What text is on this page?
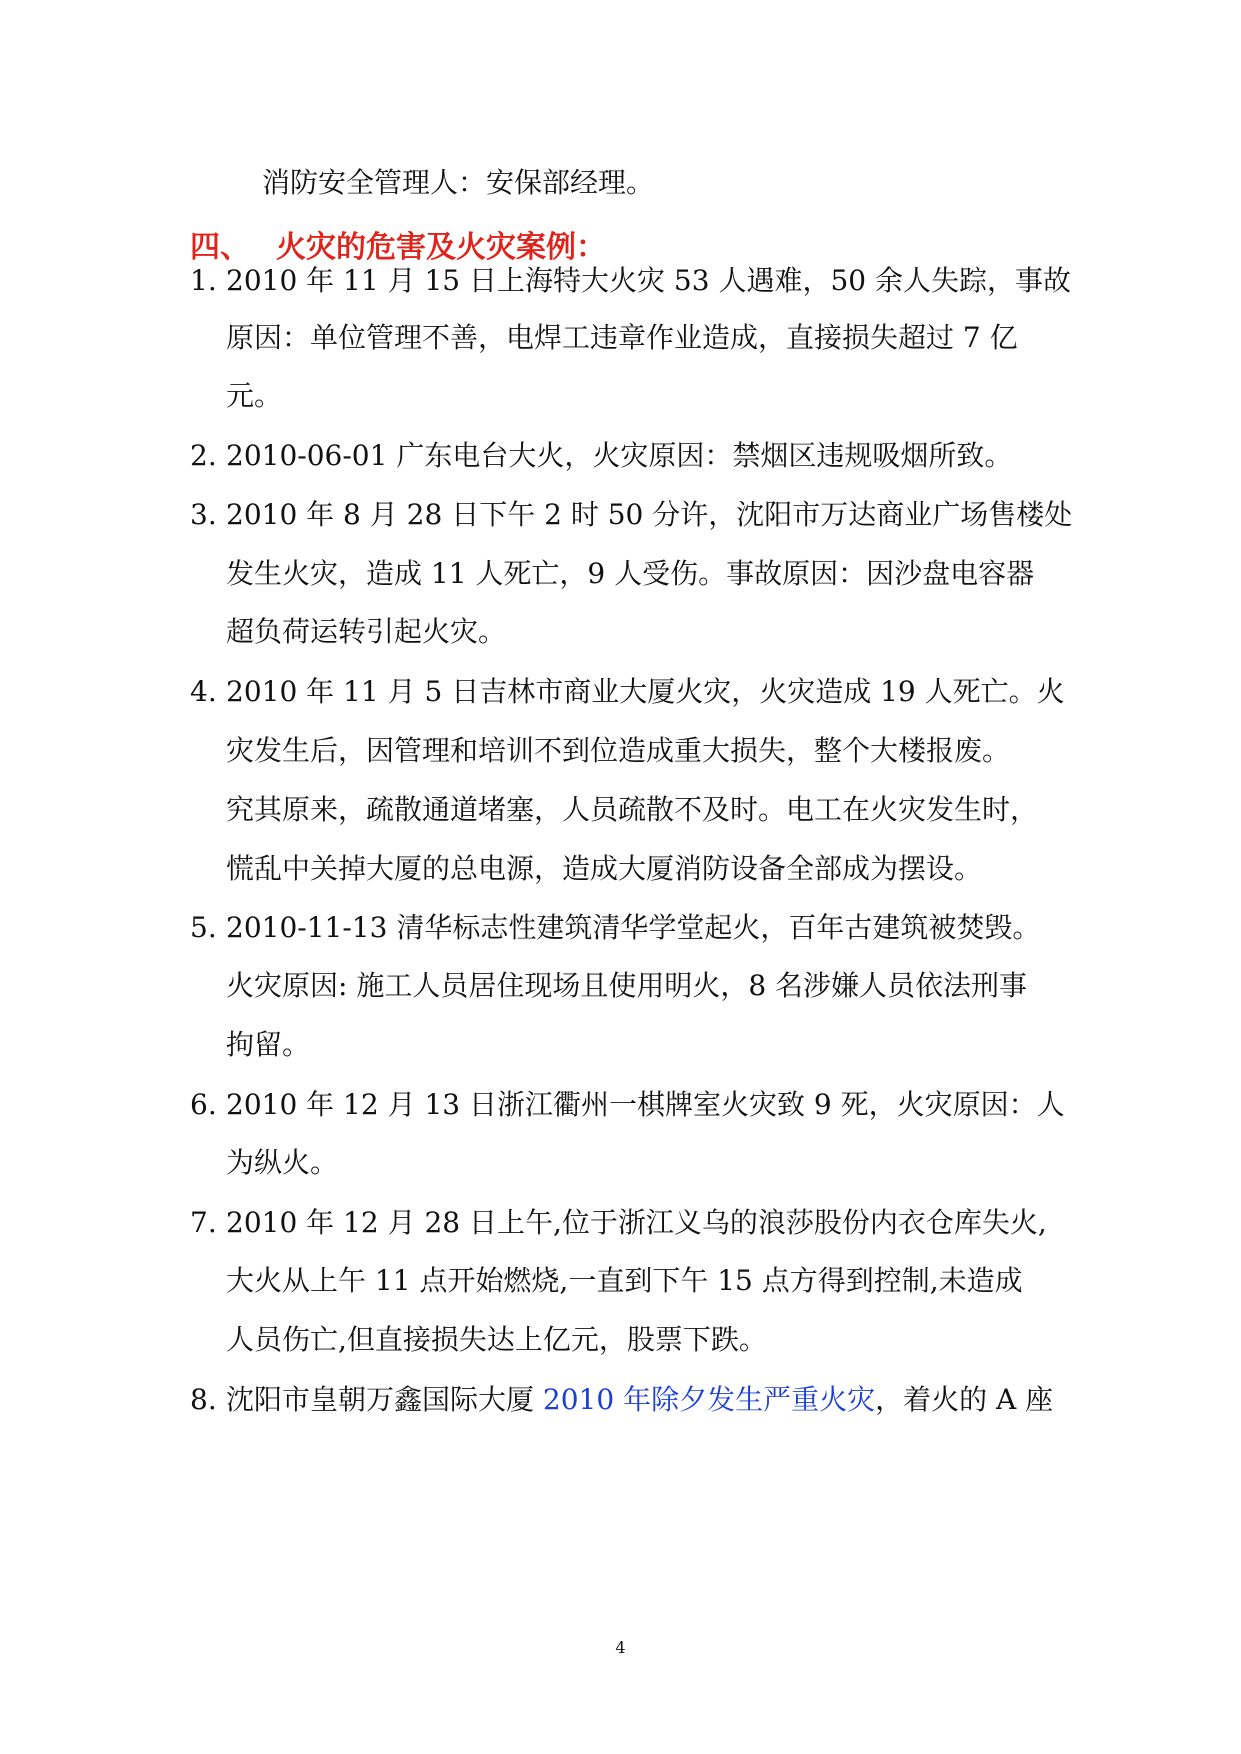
消防安全管理人：安保部经理。
四、 火灾的危害及火灾案例：
1. 2010 年 11 月 15 日上海特大火灾 53 人遇难，50 余人失踪，事故
原因：单位管理不善，电焊工违章作业造成，直接损失超过 7 亿
元。
2. 2010-06-01 广东电台大火，火灾原因：禁烟区违规吸烟所致。
3. 2010 年 8 月 28 日下午 2 时 50 分许，沈阳市万达商业广场售楼处
发生火灾，造成 11 人死亡，9 人受伤。事故原因：因沙盘电容器
超负荷运转引起火灾。
4. 2010 年 11 月 5 日吉林市商业大厦火灾，火灾造成 19 人死亡。火
灾发生后，因管理和培训不到位造成重大损失，整个大楼报废。
究其原来，疏散通道堵塞，人员疏散不及时。电工在火灾发生时，
慌乱中关掉大厦的总电源，造成大厦消防设备全部成为摆设。
5. 2010-11-13 清华标志性建筑清华学堂起火，百年古建筑被焚毁。
火灾原因: 施工人员居住现场且使用明火，8 名涉嫌人员依法刑事
拘留。
6. 2010 年 12 月 13 日浙江衢州一棋牌室火灾致 9 死，火灾原因：人
为纵火。
7. 2010 年 12 月 28 日上午,位于浙江义乌的浪莎股份内衣仓库失火,
大火从上午 11 点开始燃烧,一直到下午 15 点方得到控制,未造成
人员伤亡,但直接损失达上亿元，股票下跌。
8. 沈阳市皇朝万鑫国际大厦 2010 年除夕发生严重火灾，着火的 A 座
4
